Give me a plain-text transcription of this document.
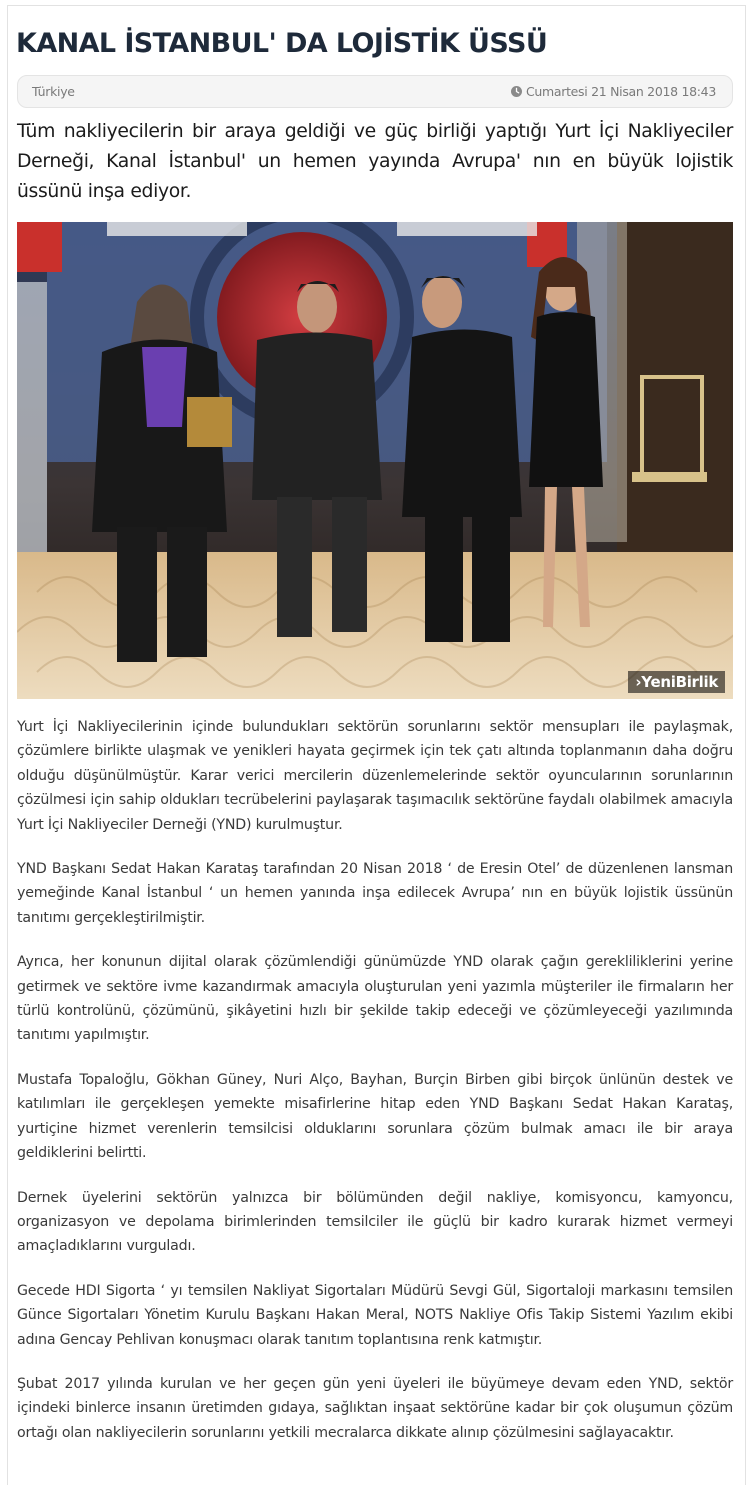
KANAL İSTANBUL' DA LOJİSTİK ÜSSÜ
Türkiye	Cumartesi 21 Nisan 2018 18:43

Tüm nakliyecilerin bir araya geldiği ve güç birliği yaptığı Yurt İçi Nakliyeciler Derneği, Kanal İstanbul' un hemen yayında Avrupa' nın en büyük lojistik üssünü inşa ediyor.

›YeniBirlik

Yurt İçi Nakliyecilerinin içinde bulundukları sektörün sorunlarını sektör mensupları ile paylaşmak, çözümlere birlikte ulaşmak ve yenikleri hayata geçirmek için tek çatı altında toplanmanın daha doğru olduğu düşünülmüştür. Karar verici mercilerin düzenlemelerinde sektör oyuncularının sorunlarının çözülmesi için sahip oldukları tecrübelerini paylaşarak taşımacılık sektörüne faydalı olabilmek amacıyla Yurt İçi Nakliyeciler Derneği (YND) kurulmuştur.

YND Başkanı Sedat Hakan Karataş tarafından 20 Nisan 2018 ‘ de Eresin Otel’ de düzenlenen lansman yemeğinde Kanal İstanbul ‘ un hemen yanında inşa edilecek Avrupa’ nın en büyük lojistik üssünün tanıtımı gerçekleştirilmiştir.

Ayrıca, her konunun dijital olarak çözümlendiği günümüzde YND olarak çağın gerekliliklerini yerine getirmek ve sektöre ivme kazandırmak amacıyla oluşturulan yeni yazımla müşteriler ile firmaların her türlü kontrolünü, çözümünü, şikâyetini hızlı bir şekilde takip edeceği ve çözümleyeceği yazılımında tanıtımı yapılmıştır.

Mustafa Topaloğlu, Gökhan Güney, Nuri Alço, Bayhan, Burçin Birben gibi birçok ünlünün destek ve katılımları ile gerçekleşen yemekte misafirlerine hitap eden YND Başkanı Sedat Hakan Karataş, yurtiçine hizmet verenlerin temsilcisi olduklarını sorunlara çözüm bulmak amacı ile bir araya geldiklerini belirtti.

Dernek üyelerini sektörün yalnızca bir bölümünden değil nakliye, komisyoncu, kamyoncu, organizasyon ve depolama birimlerinden temsilciler ile güçlü bir kadro kurarak hizmet vermeyi amaçladıklarını vurguladı.

Gecede HDI Sigorta ‘ yı temsilen Nakliyat Sigortaları Müdürü Sevgi Gül, Sigortaloji markasını temsilen Günce Sigortaları Yönetim Kurulu Başkanı Hakan Meral, NOTS Nakliye Ofis Takip Sistemi Yazılım ekibi adına Gencay Pehlivan konuşmacı olarak tanıtım toplantısına renk katmıştır.

Şubat 2017 yılında kurulan ve her geçen gün yeni üyeleri ile büyümeye devam eden YND, sektör içindeki binlerce insanın üretimden gıdaya, sağlıktan inşaat sektörüne kadar bir çok oluşumun çözüm ortağı olan nakliyecilerin sorunlarını yetkili mecralarca dikkate alınıp çözülmesini sağlayacaktır.
